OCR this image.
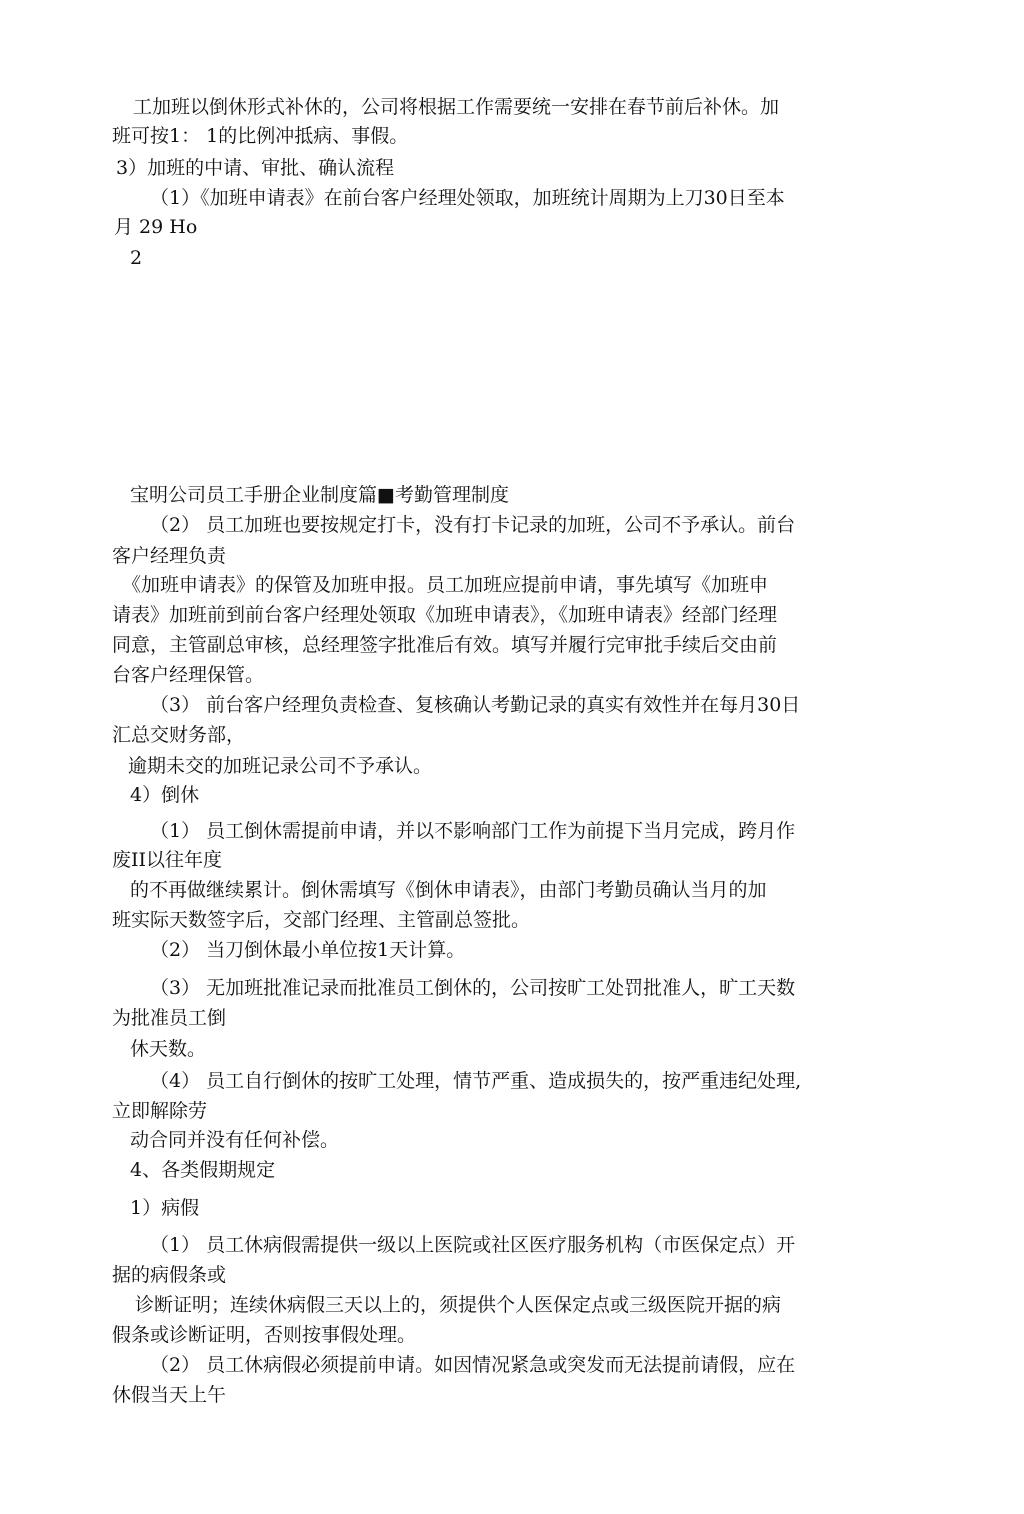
工加班以倒休形式补休的，公司将根据工作需要统一安排在春节前后补休。加
班可按1： 1的比例冲抵病、事假。
3）加班的中请、审批、确认流程
（1）《加班申请表》在前台客户经理处领取，加班统计周期为上刀30日至本
月 29 Ho
2
宝明公司员工手册企业制度篇■考勤管理制度
（2） 员工加班也要按规定打卡，没有打卡记录的加班，公司不予承认。前台
客户经理负责
《加班申请表》的保管及加班申报。员工加班应提前申请，事先填写《加班申
请表》加班前到前台客户经理处领取《加班申请表》，《加班申请表》经部门经理
同意，主管副总审核，总经理签字批准后有效。填写并履行完审批手续后交由前
台客户经理保管。
（3） 前台客户经理负责检查、复核确认考勤记录的真实有效性并在每月30日
汇总交财务部，
逾期未交的加班记录公司不予承认。
4）倒休
（1） 员工倒休需提前申请，并以不影响部门工作为前提下当月完成，跨月作
废II以往年度
的不再做继续累计。倒休需填写《倒休申请表》，由部门考勤员确认当月的加
班实际天数签字后，交部门经理、主管副总签批。
（2） 当刀倒休最小单位按1天计算。
（3） 无加班批准记录而批准员工倒休的，公司按旷工处罚批准人，旷工天数
为批准员工倒
休天数。
（4） 员工自行倒休的按旷工处理，情节严重、造成损失的，按严重违纪处理,
立即解除劳
动合同并没有任何补偿。
4、各类假期规定
1）病假
（1） 员工休病假需提供一级以上医院或社区医疗服务机构（市医保定点）开
据的病假条或
诊断证明；连续休病假三天以上的，须提供个人医保定点或三级医院开据的病
假条或诊断证明，否则按事假处理。
（2） 员工休病假必须提前申请。如因情况紧急或突发而无法提前请假，应在
休假当天上午
